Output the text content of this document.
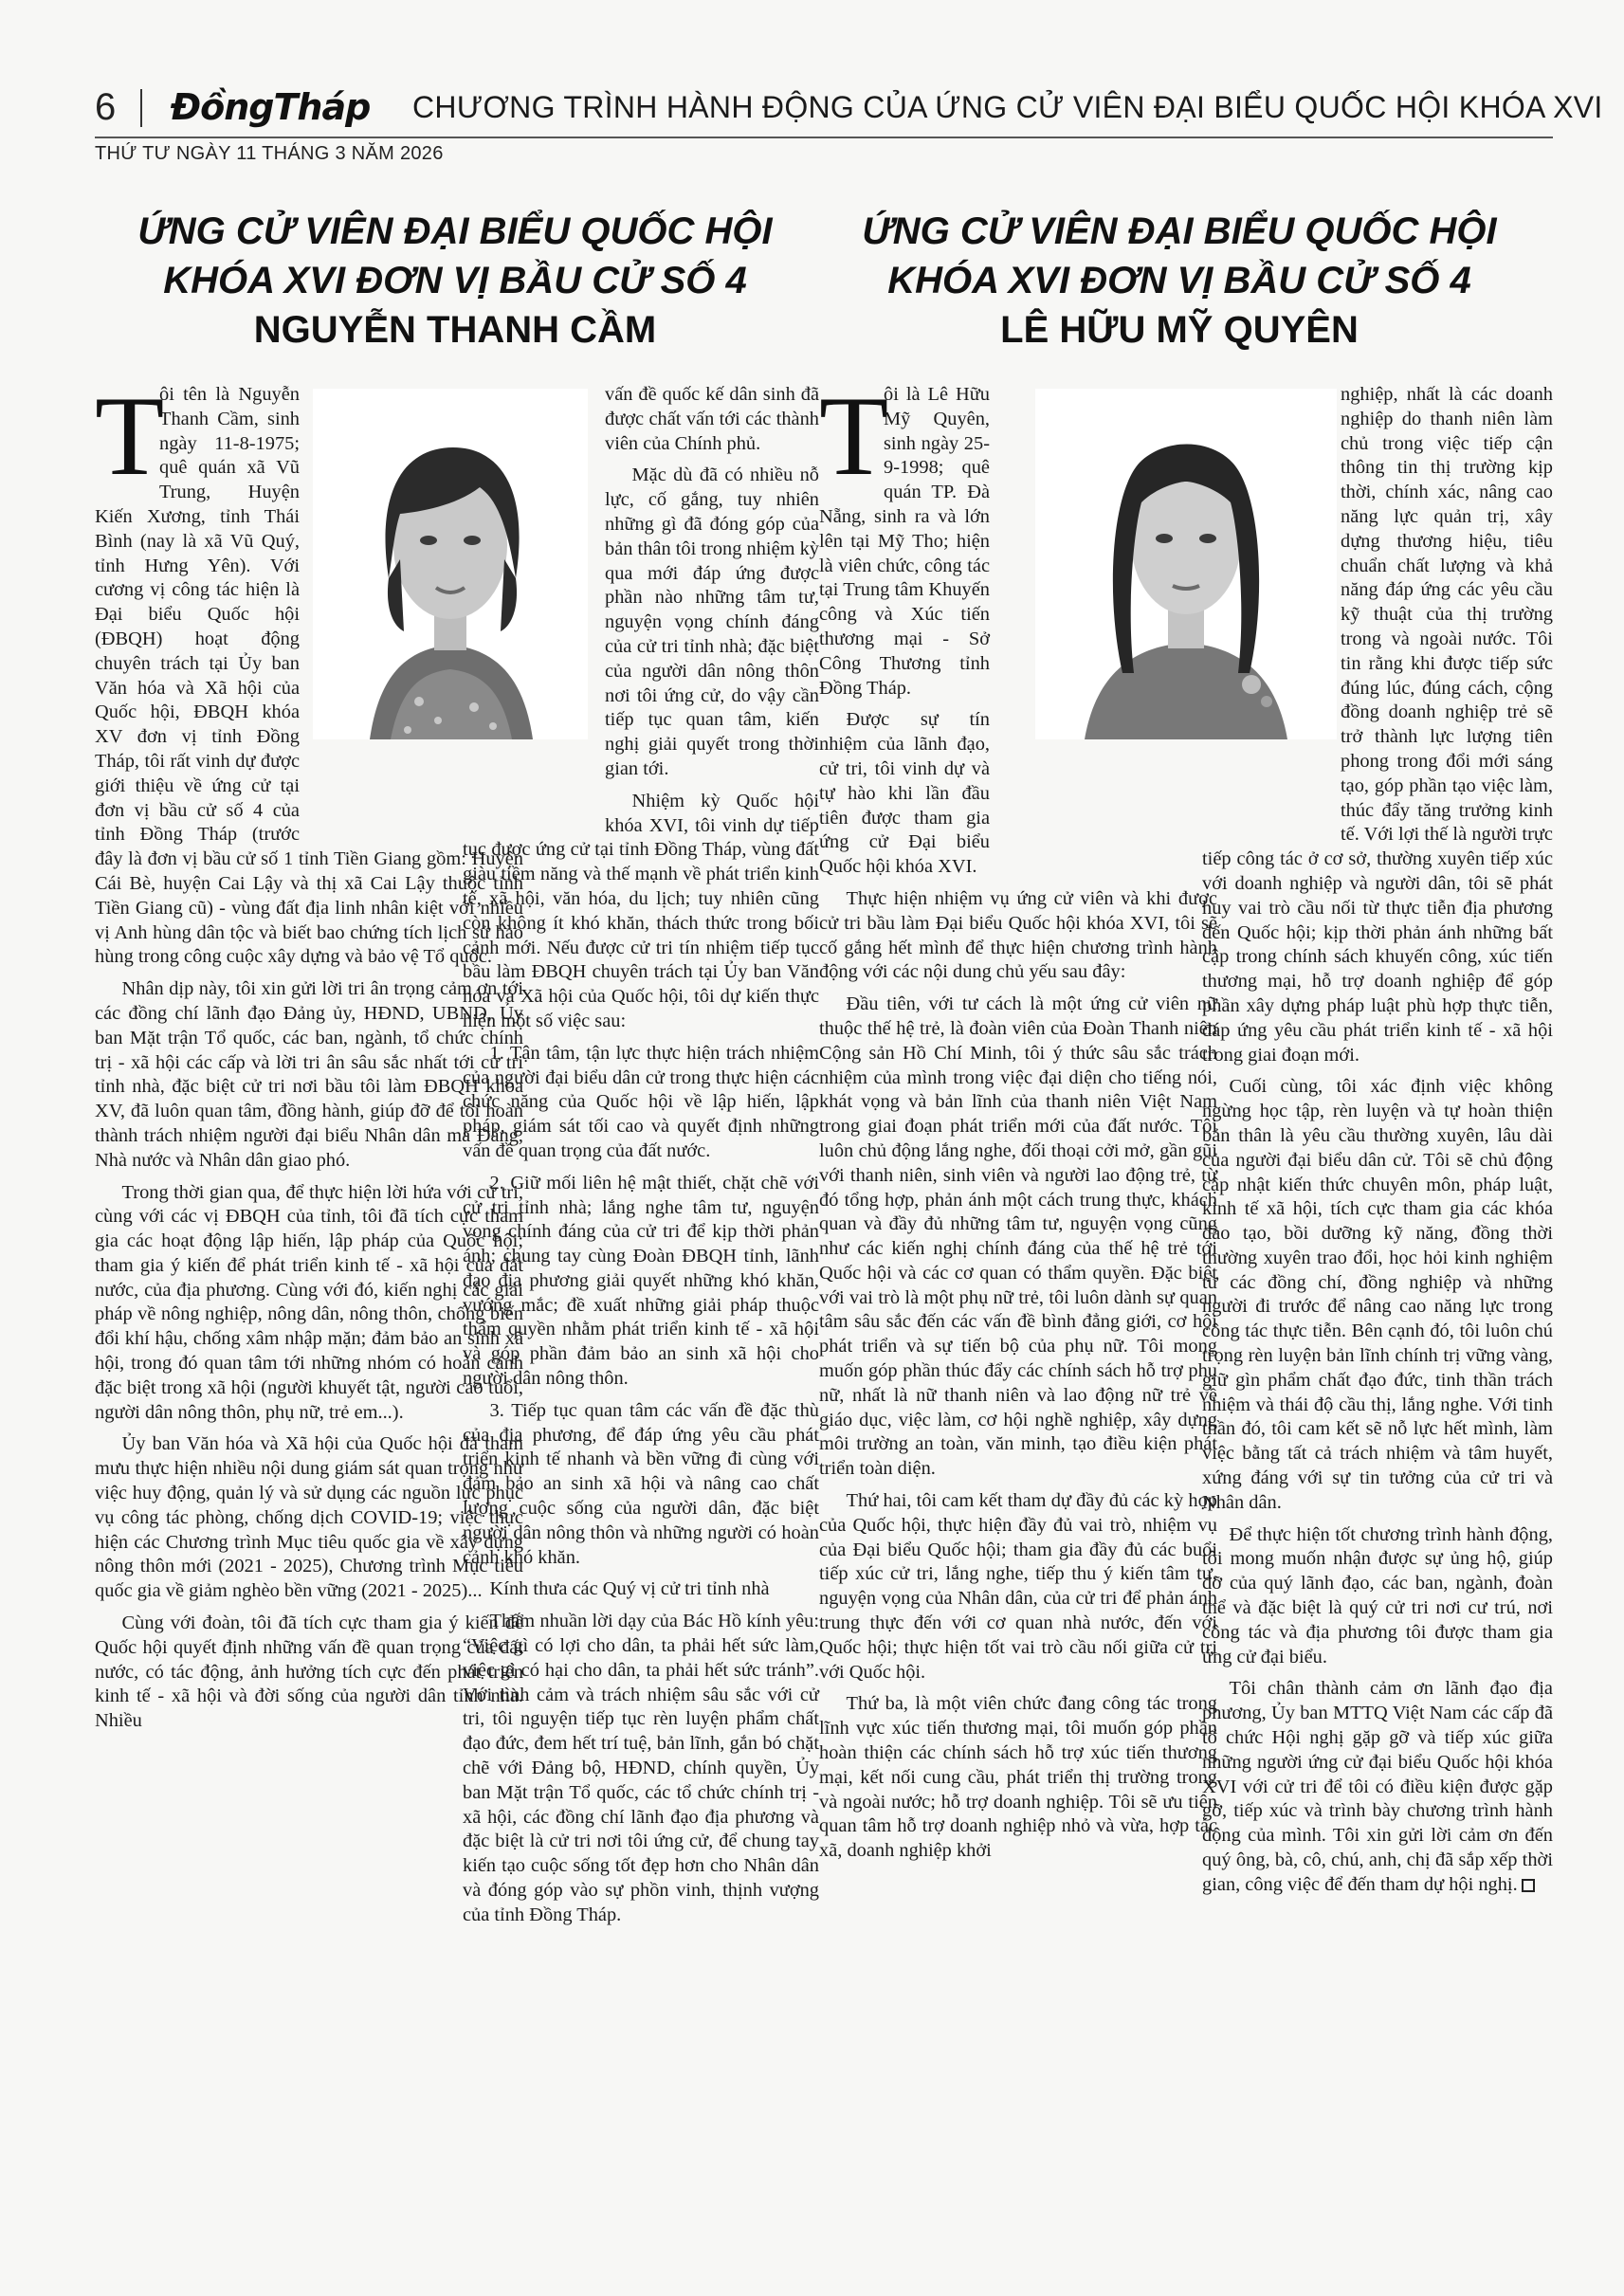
6 ĐồngTháp CHƯƠNG TRÌNH HÀNH ĐỘNG CỦA ỨNG CỬ VIÊN ĐẠI BIỂU QUỐC HỘI KHÓA XVI
THỨ TƯ NGÀY 11 THÁNG 3 NĂM 2026
ỨNG CỬ VIÊN ĐẠI BIỂU QUỐC HỘI
KHÓA XVI ĐƠN VỊ BẦU CỬ SỐ 4
NGUYỄN THANH CẦM
ỨNG CỬ VIÊN ĐẠI BIỂU QUỐC HỘI
KHÓA XVI ĐƠN VỊ BẦU CỬ SỐ 4
LÊ HỮU MỸ QUYÊN
T

ôi tên là Nguyễn Thanh Cầm, sinh ngày 11-8-1975; quê quán xã Vũ Trung, Huyện Kiến Xương, tỉnh Thái Bình (nay là xã Vũ Quý, tỉnh Hưng Yên). Với cương vị công tác hiện là Đại biểu Quốc hội (ĐBQH) hoạt động chuyên trách tại Ủy ban Văn hóa và Xã hội của Quốc hội, ĐBQH khóa XV đơn vị tỉnh Đồng Tháp, tôi rất vinh dự được giới thiệu về ứng cử tại đơn vị bầu cử số 4 của tỉnh Đồng Tháp (trước đây là đơn vị bầu cử số 1 tỉnh Tiền Giang gồm: Huyện Cái Bè, huyện Cai Lậy và thị xã Cai Lậy thuộc tỉnh Tiền Giang cũ) - vùng đất địa linh nhân kiệt với nhiều vị Anh hùng dân tộc và biết bao chứng tích lịch sử hào hùng trong công cuộc xây dựng và bảo vệ Tổ quốc.

Nhân dịp này, tôi xin gửi lời tri ân trọng cảm ơn tới các đồng chí lãnh đạo Đảng ủy, HĐND, UBND, Ủy ban Mặt trận Tổ quốc, các ban, ngành, tổ chức chính trị - xã hội các cấp và lời tri ân sâu sắc nhất tới cử tri tỉnh nhà, đặc biệt cử tri nơi bầu tôi làm ĐBQH khóa XV, đã luôn quan tâm, đồng hành, giúp đỡ để tôi hoàn thành trách nhiệm người đại biểu Nhân dân mà Đảng, Nhà nước và Nhân dân giao phó.

Trong thời gian qua, để thực hiện lời hứa với cử tri, cùng với các vị ĐBQH của tỉnh, tôi đã tích cực tham gia các hoạt động lập hiến, lập pháp của Quốc hội; tham gia ý kiến để phát triển kinh tế - xã hội của đất nước, của địa phương. Cùng với đó, kiến nghị các giải pháp về nông nghiệp, nông dân, nông thôn, chống biến đổi khí hậu, chống xâm nhập mặn; đảm bảo an sinh xã hội, trong đó quan tâm tới những nhóm có hoàn cảnh đặc biệt trong xã hội (người khuyết tật, người cao tuổi, người dân nông thôn, phụ nữ, trẻ em...).

Ủy ban Văn hóa và Xã hội của Quốc hội đã tham mưu thực hiện nhiều nội dung giám sát quan trọng như việc huy động, quản lý và sử dụng các nguồn lực phục vụ công tác phòng, chống dịch COVID-19; việc thực hiện các Chương trình Mục tiêu quốc gia về xây dựng nông thôn mới (2021 - 2025), Chương trình Mục tiêu quốc gia về giảm nghèo bền vững (2021 - 2025)...

Cùng với đoàn, tôi đã tích cực tham gia ý kiến để Quốc hội quyết định những vấn đề quan trọng của đất nước, có tác động, ảnh hưởng tích cực đến phát triển kinh tế - xã hội và đời sống của người dân tỉnh nhà. Nhiều

vấn đề quốc kế dân sinh đã được chất vấn tới các thành viên của Chính phủ.

Mặc dù đã có nhiều nỗ lực, cố gắng, tuy nhiên những gì đã đóng góp của bản thân tôi trong nhiệm kỳ qua mới đáp ứng được phần nào những tâm tư, nguyện vọng chính đáng của cử tri tỉnh nhà; đặc biệt của người dân nông thôn nơi tôi ứng cử, do vậy cần tiếp tục quan tâm, kiến nghị giải quyết trong thời gian tới.

Nhiệm kỳ Quốc hội khóa XVI, tôi vinh dự tiếp tục được ứng cử tại tỉnh Đồng Tháp, vùng đất giàu tiềm năng và thế mạnh về phát triển kinh tế, xã hội, văn hóa, du lịch; tuy nhiên cũng còn không ít khó khăn, thách thức trong bối cảnh mới. Nếu được cử tri tín nhiệm tiếp tục bầu làm ĐBQH chuyên trách tại Ủy ban Văn hóa và Xã hội của Quốc hội, tôi dự kiến thực hiện một số việc sau:

1. Tận tâm, tận lực thực hiện trách nhiệm của người đại biểu dân cử trong thực hiện các chức năng của Quốc hội về lập hiến, lập pháp, giám sát tối cao và quyết định những vấn đề quan trọng của đất nước.

2. Giữ mối liên hệ mật thiết, chặt chẽ với cử tri tỉnh nhà; lắng nghe tâm tư, nguyện vọng chính đáng của cử tri để kịp thời phản ánh; chung tay cùng Đoàn ĐBQH tỉnh, lãnh đạo địa phương giải quyết những khó khăn, vướng mắc; đề xuất những giải pháp thuộc thẩm quyền nhằm phát triển kinh tế - xã hội và góp phần đảm bảo an sinh xã hội cho người dân nông thôn.

3. Tiếp tục quan tâm các vấn đề đặc thù của địa phương, để đáp ứng yêu cầu phát triển kinh tế nhanh và bền vững đi cùng với đảm bảo an sinh xã hội và nâng cao chất lượng cuộc sống của người dân, đặc biệt người dân nông thôn và những người có hoàn cảnh khó khăn.

Kính thưa các Quý vị cử tri tỉnh nhà

Thấm nhuần lời dạy của Bác Hồ kính yêu: “Việc gì có lợi cho dân, ta phải hết sức làm, việc gì có hại cho dân, ta phải hết sức tránh”. Với tình cảm và trách nhiệm sâu sắc với cử tri, tôi nguyện tiếp tục rèn luyện phẩm chất đạo đức, đem hết trí tuệ, bản lĩnh, gắn bó chặt chẽ với Đảng bộ, HĐND, chính quyền, Ủy ban Mặt trận Tổ quốc, các tổ chức chính trị - xã hội, các đồng chí lãnh đạo địa phương và đặc biệt là cử tri nơi tôi ứng cử, để chung tay kiến tạo cuộc sống tốt đẹp hơn cho Nhân dân và đóng góp vào sự phồn vinh, thịnh vượng của tỉnh Đồng Tháp.

T

ôi là Lê Hữu Mỹ Quyên, sinh ngày 25-9-1998; quê quán TP. Đà Nẵng, sinh ra và lớn lên tại Mỹ Tho; hiện là viên chức, công tác tại Trung tâm Khuyến công và Xúc tiến thương mại - Sở Công Thương tỉnh Đồng Tháp.

Được sự tín nhiệm của lãnh đạo, cử tri, tôi vinh dự và tự hào khi lần đầu tiên được tham gia ứng cử Đại biểu Quốc hội khóa XVI.

Thực hiện nhiệm vụ ứng cử viên và khi được cử tri bầu làm Đại biểu Quốc hội khóa XVI, tôi sẽ cố gắng hết mình để thực hiện chương trình hành động với các nội dung chủ yếu sau đây:

Đầu tiên, với tư cách là một ứng cử viên nữ thuộc thế hệ trẻ, là đoàn viên của Đoàn Thanh niên Cộng sản Hồ Chí Minh, tôi ý thức sâu sắc trách nhiệm của mình trong việc đại diện cho tiếng nói, khát vọng và bản lĩnh của thanh niên Việt Nam trong giai đoạn phát triển mới của đất nước. Tôi luôn chủ động lắng nghe, đối thoại cởi mở, gần gũi với thanh niên, sinh viên và người lao động trẻ, từ đó tổng hợp, phản ánh một cách trung thực, khách quan và đầy đủ những tâm tư, nguyện vọng cũng như các kiến nghị chính đáng của thế hệ trẻ tới Quốc hội và các cơ quan có thẩm quyền. Đặc biệt với vai trò là một phụ nữ trẻ, tôi luôn dành sự quan tâm sâu sắc đến các vấn đề bình đẳng giới, cơ hội phát triển và sự tiến bộ của phụ nữ. Tôi mong muốn góp phần thúc đẩy các chính sách hỗ trợ phụ nữ, nhất là nữ thanh niên và lao động nữ trẻ về giáo dục, việc làm, cơ hội nghề nghiệp, xây dựng môi trường an toàn, văn minh, tạo điều kiện phát triển toàn diện.

Thứ hai, tôi cam kết tham dự đầy đủ các kỳ họp của Quốc hội, thực hiện đầy đủ vai trò, nhiệm vụ của Đại biểu Quốc hội; tham gia đầy đủ các buổi tiếp xúc cử tri, lắng nghe, tiếp thu ý kiến tâm tư, nguyện vọng của Nhân dân, của cử tri để phản ánh trung thực đến với cơ quan nhà nước, đến với Quốc hội; thực hiện tốt vai trò cầu nối giữa cử tri với Quốc hội.

Thứ ba, là một viên chức đang công tác trong lĩnh vực xúc tiến thương mại, tôi muốn góp phần hoàn thiện các chính sách hỗ trợ xúc tiến thương mại, kết nối cung cầu, phát triển thị trường trong và ngoài nước; hỗ trợ doanh nghiệp. Tôi sẽ ưu tiên quan tâm hỗ trợ doanh nghiệp nhỏ và vừa, hợp tác xã, doanh nghiệp khởi

nghiệp, nhất là các doanh nghiệp do thanh niên làm chủ trong việc tiếp cận thông tin thị trường kịp thời, chính xác, nâng cao năng lực quản trị, xây dựng thương hiệu, tiêu chuẩn chất lượng và khả năng đáp ứng các yêu cầu kỹ thuật của thị trường trong và ngoài nước. Tôi tin rằng khi được tiếp sức đúng lúc, đúng cách, cộng đồng doanh nghiệp trẻ sẽ trở thành lực lượng tiên phong trong đổi mới sáng tạo, góp phần tạo việc làm, thúc đẩy tăng trưởng kinh tế. Với lợi thế là người trực tiếp công tác ở cơ sở, thường xuyên tiếp xúc với doanh nghiệp và người dân, tôi sẽ phát huy vai trò cầu nối từ thực tiễn địa phương đến Quốc hội; kịp thời phản ánh những bất cập trong chính sách khuyến công, xúc tiến thương mại, hỗ trợ doanh nghiệp để góp phần xây dựng pháp luật phù hợp thực tiễn, đáp ứng yêu cầu phát triển kinh tế - xã hội trong giai đoạn mới.

Cuối cùng, tôi xác định việc không ngừng học tập, rèn luyện và tự hoàn thiện bản thân là yêu cầu thường xuyên, lâu dài của người đại biểu dân cử. Tôi sẽ chủ động cập nhật kiến thức chuyên môn, pháp luật, kinh tế xã hội, tích cực tham gia các khóa đào tạo, bồi dưỡng kỹ năng, đồng thời thường xuyên trao đổi, học hỏi kinh nghiệm từ các đồng chí, đồng nghiệp và những người đi trước để nâng cao năng lực trong công tác thực tiễn. Bên cạnh đó, tôi luôn chú trọng rèn luyện bản lĩnh chính trị vững vàng, giữ gìn phẩm chất đạo đức, tinh thần trách nhiệm và thái độ cầu thị, lắng nghe. Với tinh thần đó, tôi cam kết sẽ nỗ lực hết mình, làm việc bằng tất cả trách nhiệm và tâm huyết, xứng đáng với sự tin tưởng của cử tri và Nhân dân.

Để thực hiện tốt chương trình hành động, tôi mong muốn nhận được sự ủng hộ, giúp đỡ của quý lãnh đạo, các ban, ngành, đoàn thể và đặc biệt là quý cử tri nơi cư trú, nơi công tác và địa phương tôi được tham gia ứng cử đại biểu.

Tôi chân thành cảm ơn lãnh đạo địa phương, Ủy ban MTTQ Việt Nam các cấp đã tổ chức Hội nghị gặp gỡ và tiếp xúc giữa những người ứng cử đại biểu Quốc hội khóa XVI với cử tri để tôi có điều kiện được gặp gỡ, tiếp xúc và trình bày chương trình hành động của mình. Tôi xin gửi lời cảm ơn đến quý ông, bà, cô, chú, anh, chị đã sắp xếp thời gian, công việc để đến tham dự hội nghị.
